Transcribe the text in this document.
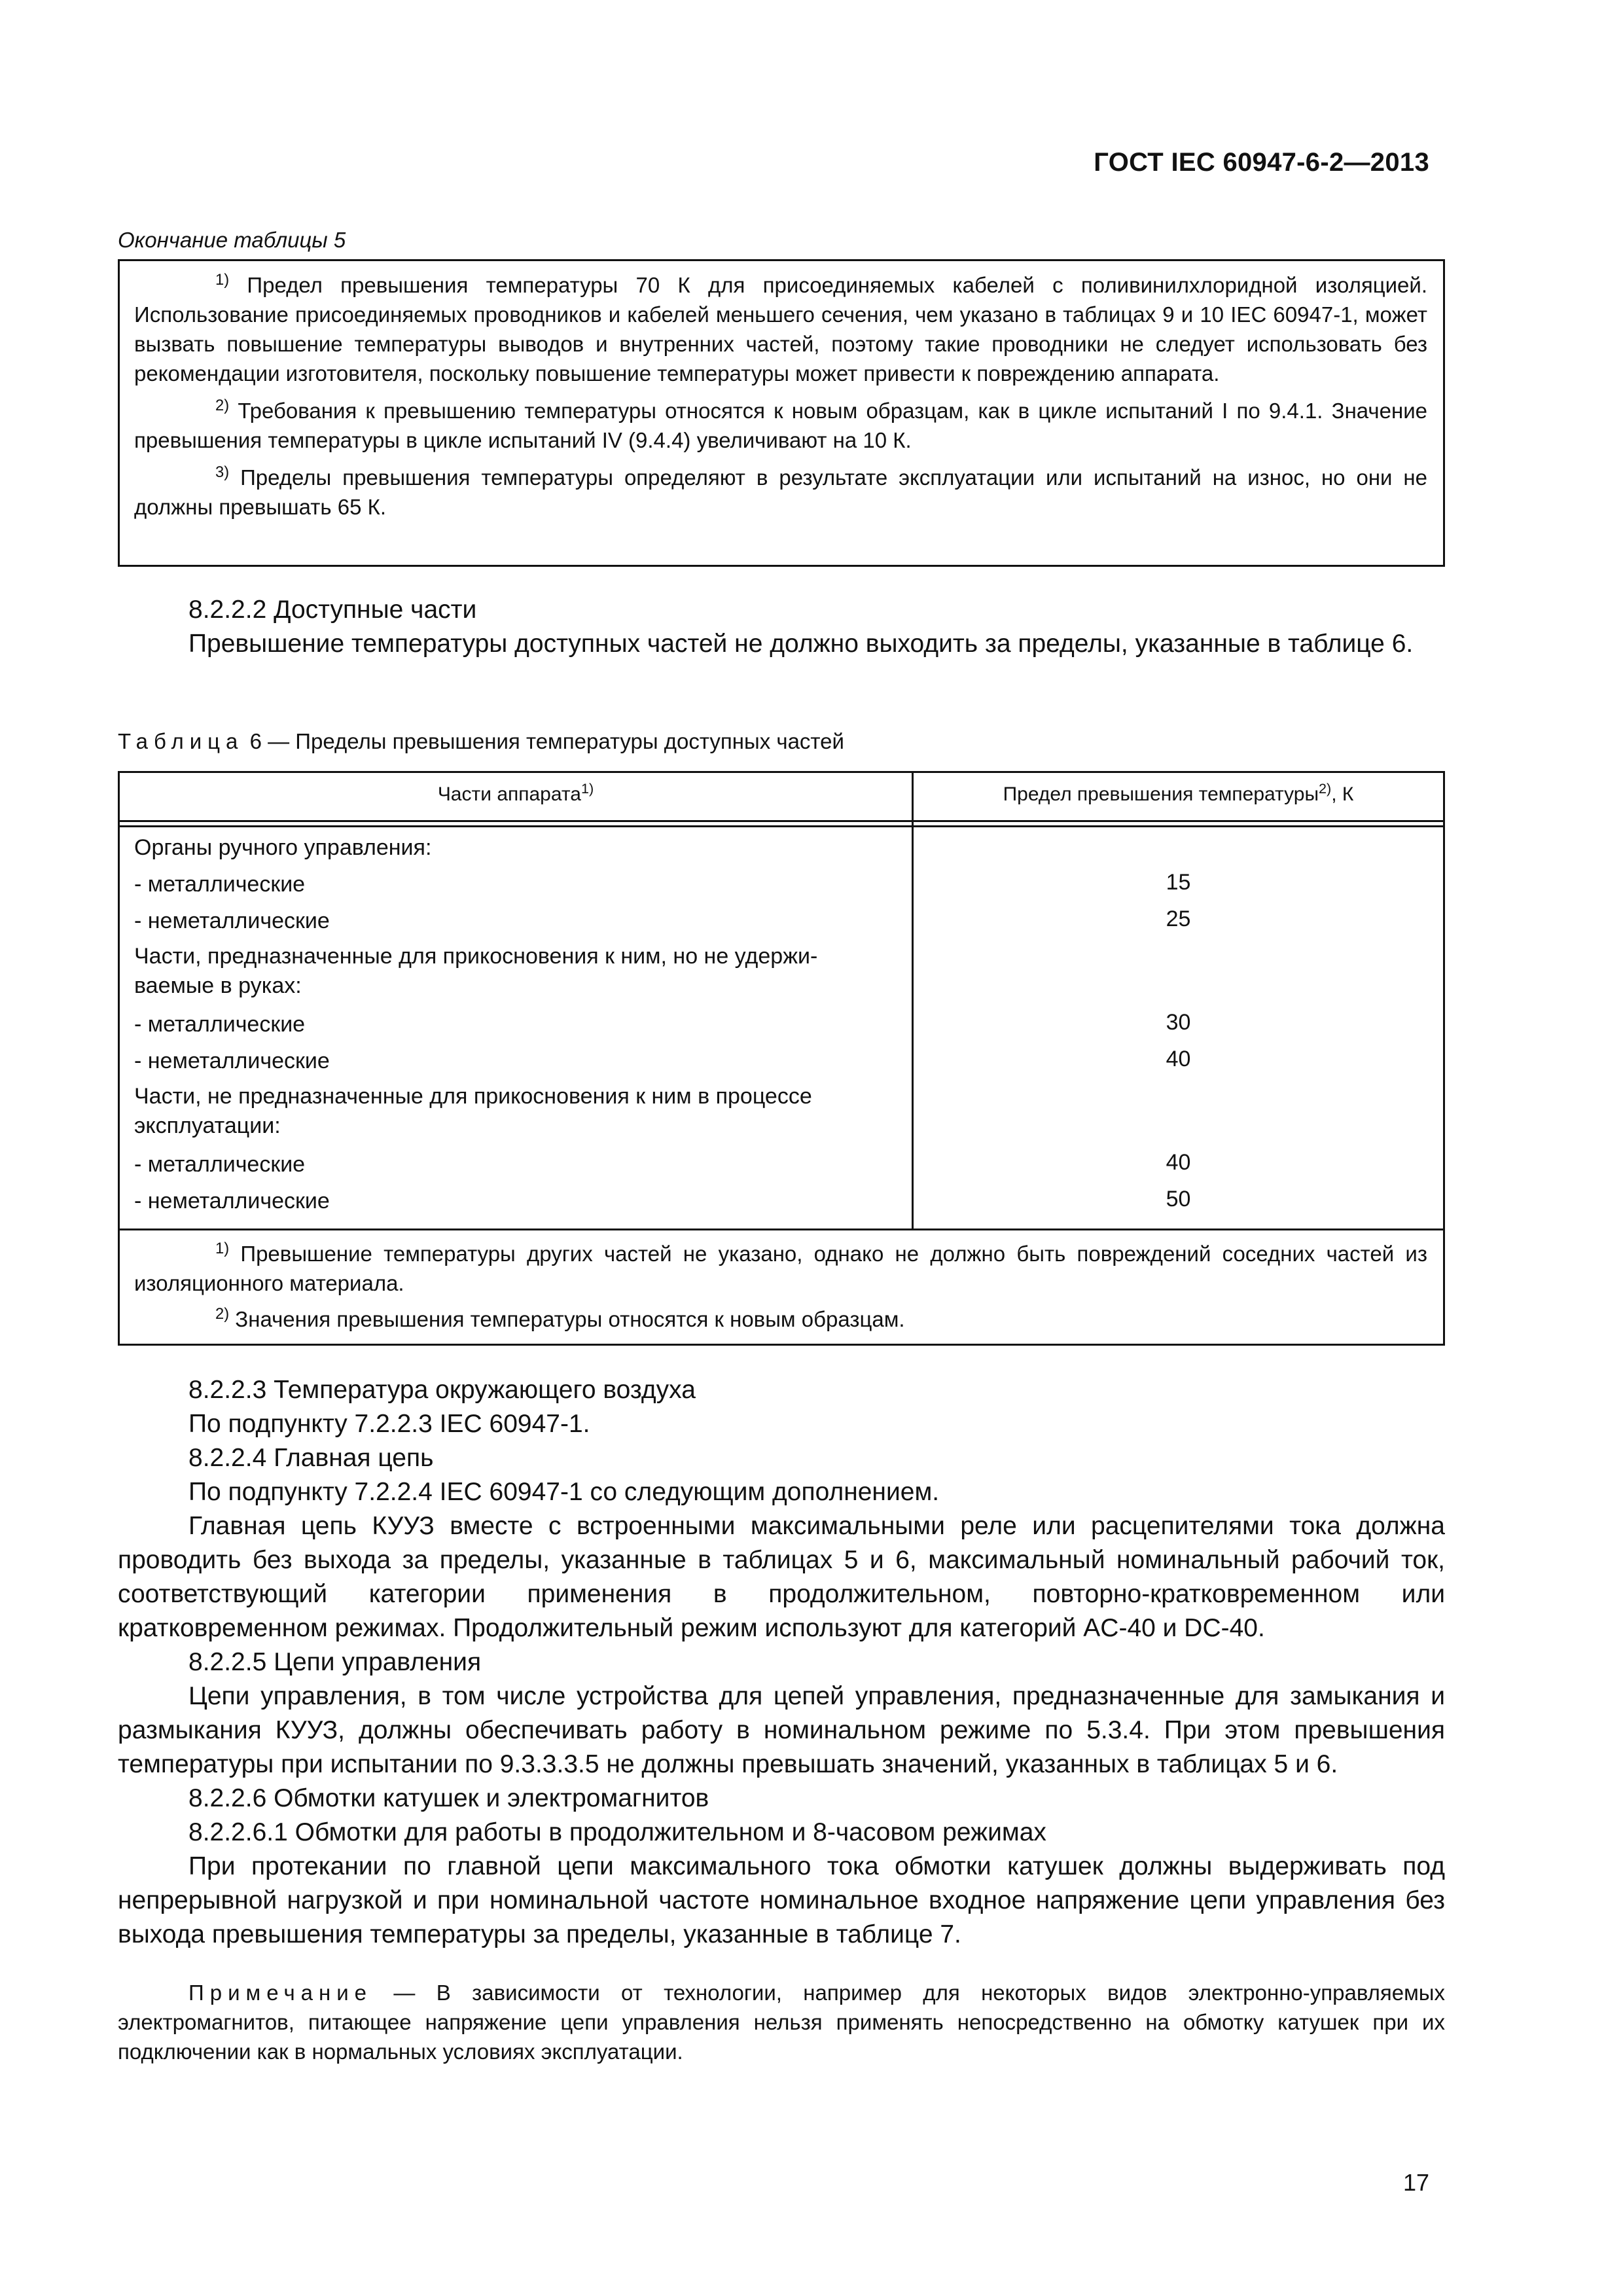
ГОСТ IEC 60947-6-2—2013
Окончание таблицы 5

$^{1)}$ Предел превышения температуры 70 К для присоединяемых кабелей с поливинилхлоридной изоляцией. Использование присоединяемых проводников и кабелей меньшего сечения, чем указано в таблицах 9 и 10 IEC 60947-1, может вызвать повышение температуры выводов и внутренних частей, поэтому такие проводники не следует использовать без рекомендации изготовителя, поскольку повышение температуры может привести к повреждению аппарата.

$^{2)}$ Требования к превышению температуры относятся к новым образцам, как в цикле испытаний I по 9.4.1. Значение превышения температуры в цикле испытаний IV (9.4.4) увеличивают на 10 К.

$^{3)}$ Пределы превышения температуры определяют в результате эксплуатации или испытаний на износ, но они не должны превышать 65 К.

8.2.2.2 Доступные части

Превышение температуры доступных частей не должно выходить за пределы, указанные в таблице 6.

Таблица 6 — Пределы превышения температуры доступных частей
Части аппарата$^{1)}$	Предел превышения температуры$^{2)}$, К
Органы ручного управления:
- металлические	15
- неметаллические	25
Части, предназначенные для прикосновения к ним, но не удержи-
ваемые в руках:
- металлические	30
- неметаллические	40
Части, не предназначенные для прикосновения к ним в процессе
эксплуатации:
- металлические	40
- неметаллические	50

$^{1)}$ Превышение температуры других частей не указано, однако не должно быть повреждений соседних частей из изоляционного материала.

$^{2)}$ Значения превышения температуры относятся к новым образцам.

8.2.2.3 Температура окружающего воздуха

По подпункту 7.2.2.3 IEC 60947-1.

8.2.2.4 Главная цепь

По подпункту 7.2.2.4 IEC 60947-1 со следующим дополнением.

Главная цепь КУУЗ вместе с встроенными максимальными реле или расцепителями тока должна проводить без выхода за пределы, указанные в таблицах 5 и 6, максимальный номинальный рабочий ток, соответствующий категории применения в продолжительном, повторно-кратковременном или кратковременном режимах. Продолжительный режим используют для категорий AC-40 и DC-40.

8.2.2.5 Цепи управления

Цепи управления, в том числе устройства для цепей управления, предназначенные для замыкания и размыкания КУУЗ, должны обеспечивать работу в номинальном режиме по 5.3.4. При этом превышения температуры при испытании по 9.3.3.3.5 не должны превышать значений, указанных в таблицах 5 и 6.

8.2.2.6 Обмотки катушек и электромагнитов

8.2.2.6.1 Обмотки для работы в продолжительном и 8-часовом режимах

При протекании по главной цепи максимального тока обмотки катушек должны выдерживать под непрерывной нагрузкой и при номинальной частоте номинальное входное напряжение цепи управления без выхода превышения температуры за пределы, указанные в таблице 7.

Примечание — В зависимости от технологии, например для некоторых видов электронно-управляемых электромагнитов, питающее напряжение цепи управления нельзя применять непосредственно на обмотку катушек при их подключении как в нормальных условиях эксплуатации.

17
